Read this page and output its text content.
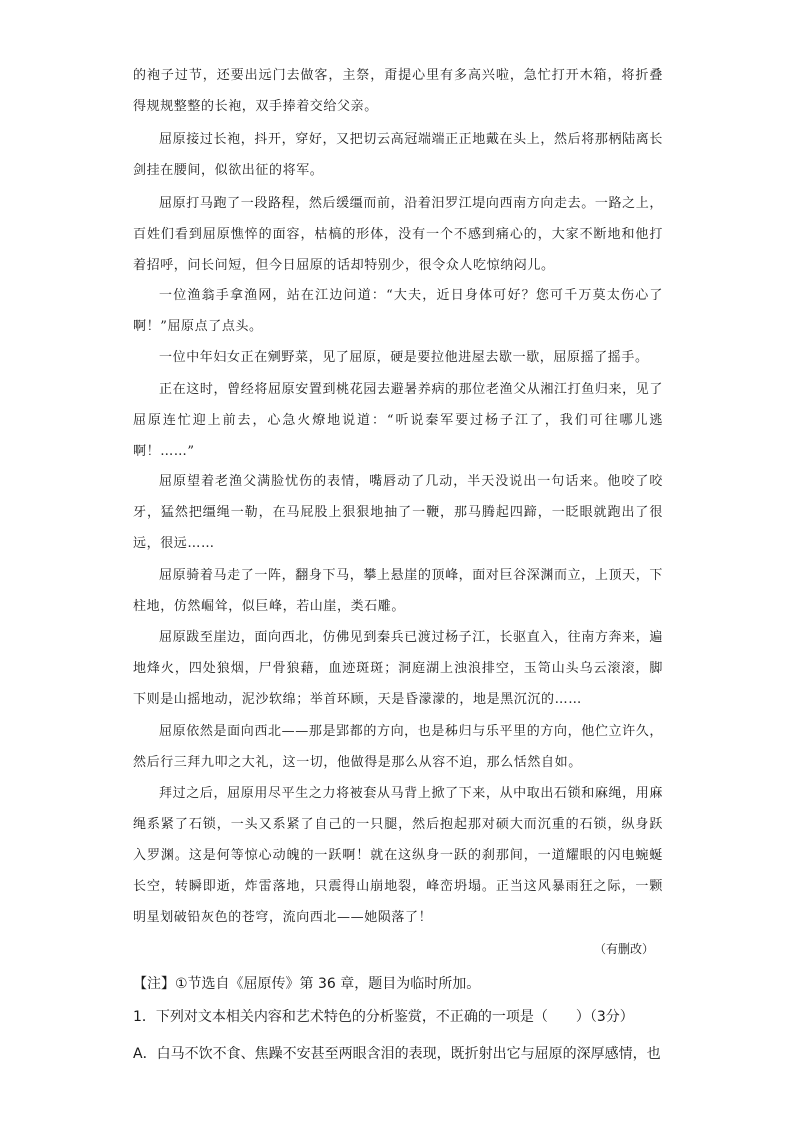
的袍子过节，还要出远门去做客，主祭，甭提心里有多高兴啦，急忙打开木箱，将折叠得规规整整的长袍，双手捧着交给父亲。

屈原接过长袍，抖开，穿好，又把切云高冠端端正正地戴在头上，然后将那柄陆离长剑挂在腰间，似欲出征的将军。

屈原打马跑了一段路程，然后缓缰而前，沿着汨罗江堤向西南方向走去。一路之上，百姓们看到屈原憔悴的面容，枯槁的形体，没有一个不感到痛心的，大家不断地和他打着招呼，问长问短，但今日屈原的话却特别少，很令众人吃惊纳闷儿。

一位渔翁手拿渔网，站在江边问道：“大夫，近日身体可好？您可千万莫太伤心了啊！”屈原点了点头。

一位中年妇女正在剜野菜，见了屈原，硬是要拉他进屋去歇一歇，屈原摇了摇手。

正在这时，曾经将屈原安置到桃花园去避暑养病的那位老渔父从湘江打鱼归来，见了屈原连忙迎上前去，心急火燎地说道：“听说秦军要过杨子江了，我们可往哪儿逃啊！……”

屈原望着老渔父满脸忧伤的表情，嘴唇动了几动，半天没说出一句话来。他咬了咬牙，猛然把缰绳一勒，在马屁股上狠狠地抽了一鞭，那马腾起四蹄，一眨眼就跑出了很远，很远……

屈原骑着马走了一阵，翻身下马，攀上悬崖的顶峰，面对巨谷深渊而立，上顶天，下柱地，仿然崛耸，似巨峰，若山崖，类石雕。

屈原跋至崖边，面向西北，仿佛见到秦兵已渡过杨子江，长驱直入，往南方奔来，遍地烽火，四处狼烟，尸骨狼藉，血迹斑斑；洞庭湖上浊浪排空，玉笥山头乌云滚滚，脚下则是山摇地动，泥沙软绵；举首环顾，天是昏濛濛的，地是黑沉沉的……

屈原依然是面向西北——那是郢都的方向，也是秭归与乐平里的方向，他伫立许久，然后行三拜九叩之大礼，这一切，他做得是那么从容不迫，那么恬然自如。

拜过之后，屈原用尽平生之力将被套从马背上掀了下来，从中取出石锁和麻绳，用麻绳系紧了石锁，一头又系紧了自己的一只腿，然后抱起那对硕大而沉重的石锁，纵身跃入罗渊。这是何等惊心动魄的一跃啊！就在这纵身一跃的刹那间，一道耀眼的闪电蜿蜒长空，转瞬即逝，炸雷落地，只震得山崩地裂，峰峦坍塌。正当这风暴雨狂之际，一颗明星划破铅灰色的苍穹，流向西北——她陨落了！

（有删改）

【注】①节选自《屈原传》第 36 章，题目为临时所加。

1．下列对文本相关内容和艺术特色的分析鉴赏，不正确的一项是（　　）（3分）

A．白马不饮不食、焦躁不安甚至两眼含泪的表现，既折射出它与屈原的深厚感情，也
